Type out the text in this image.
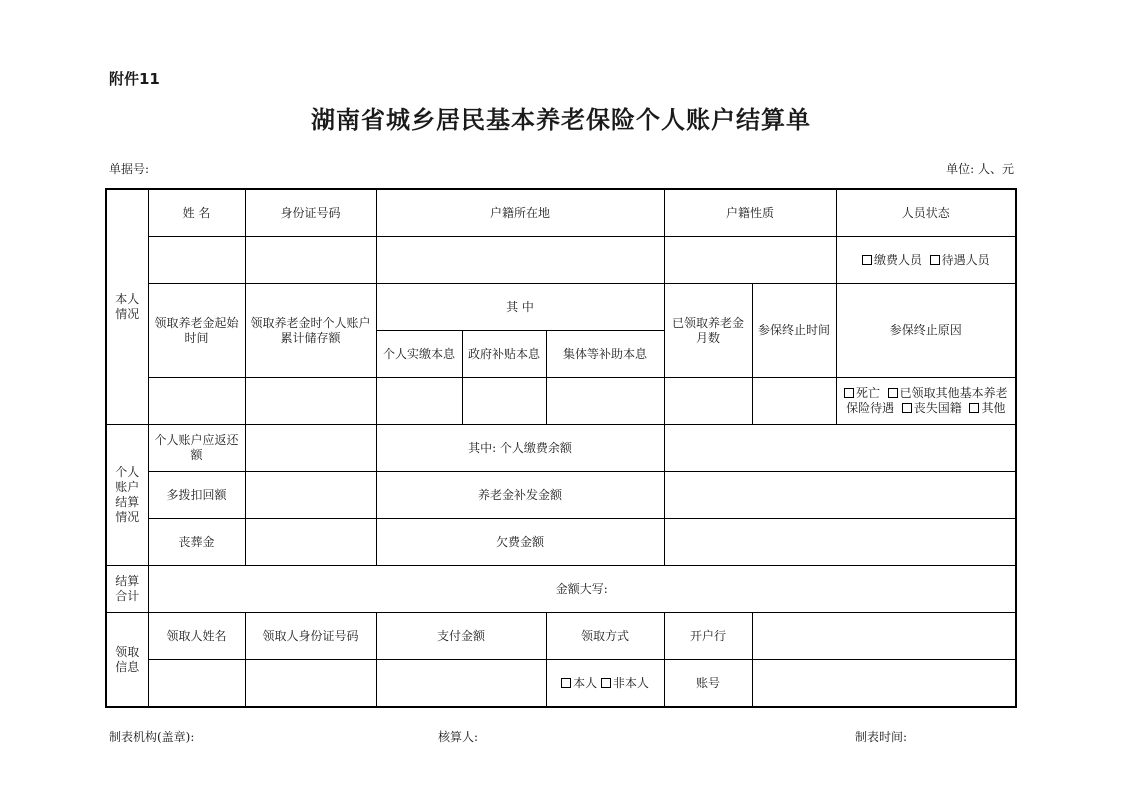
附件11
湖南省城乡居民基本养老保险个人账户结算单
单据号:	单位: 人、元
本人情况	姓 名	身份证号码	户籍所在地			户籍性质		人员状态
								缴费人员 待遇人员
	领取养老金起始时间	领取养老金时个人账户累计储存额	其 中			已领取养老金月数	参保终止时间	参保终止原因
			个人实缴本息	政府补贴本息	集体等补助本息			
								死亡 已领取其他基本养老保险待遇 丧失国籍 其他
个人账户结算情况	个人账户应返还额		其中: 个人缴费余额					
	多拨扣回额		养老金补发金额					
	丧葬金		欠费金额					
结算合计	金额大写:							
领取信息	领取人姓名	领取人身份证号码	支付金额		领取方式	开户行		
					本人 非本人	账号		
制表机构(盖章):	核算人:	制表时间:
